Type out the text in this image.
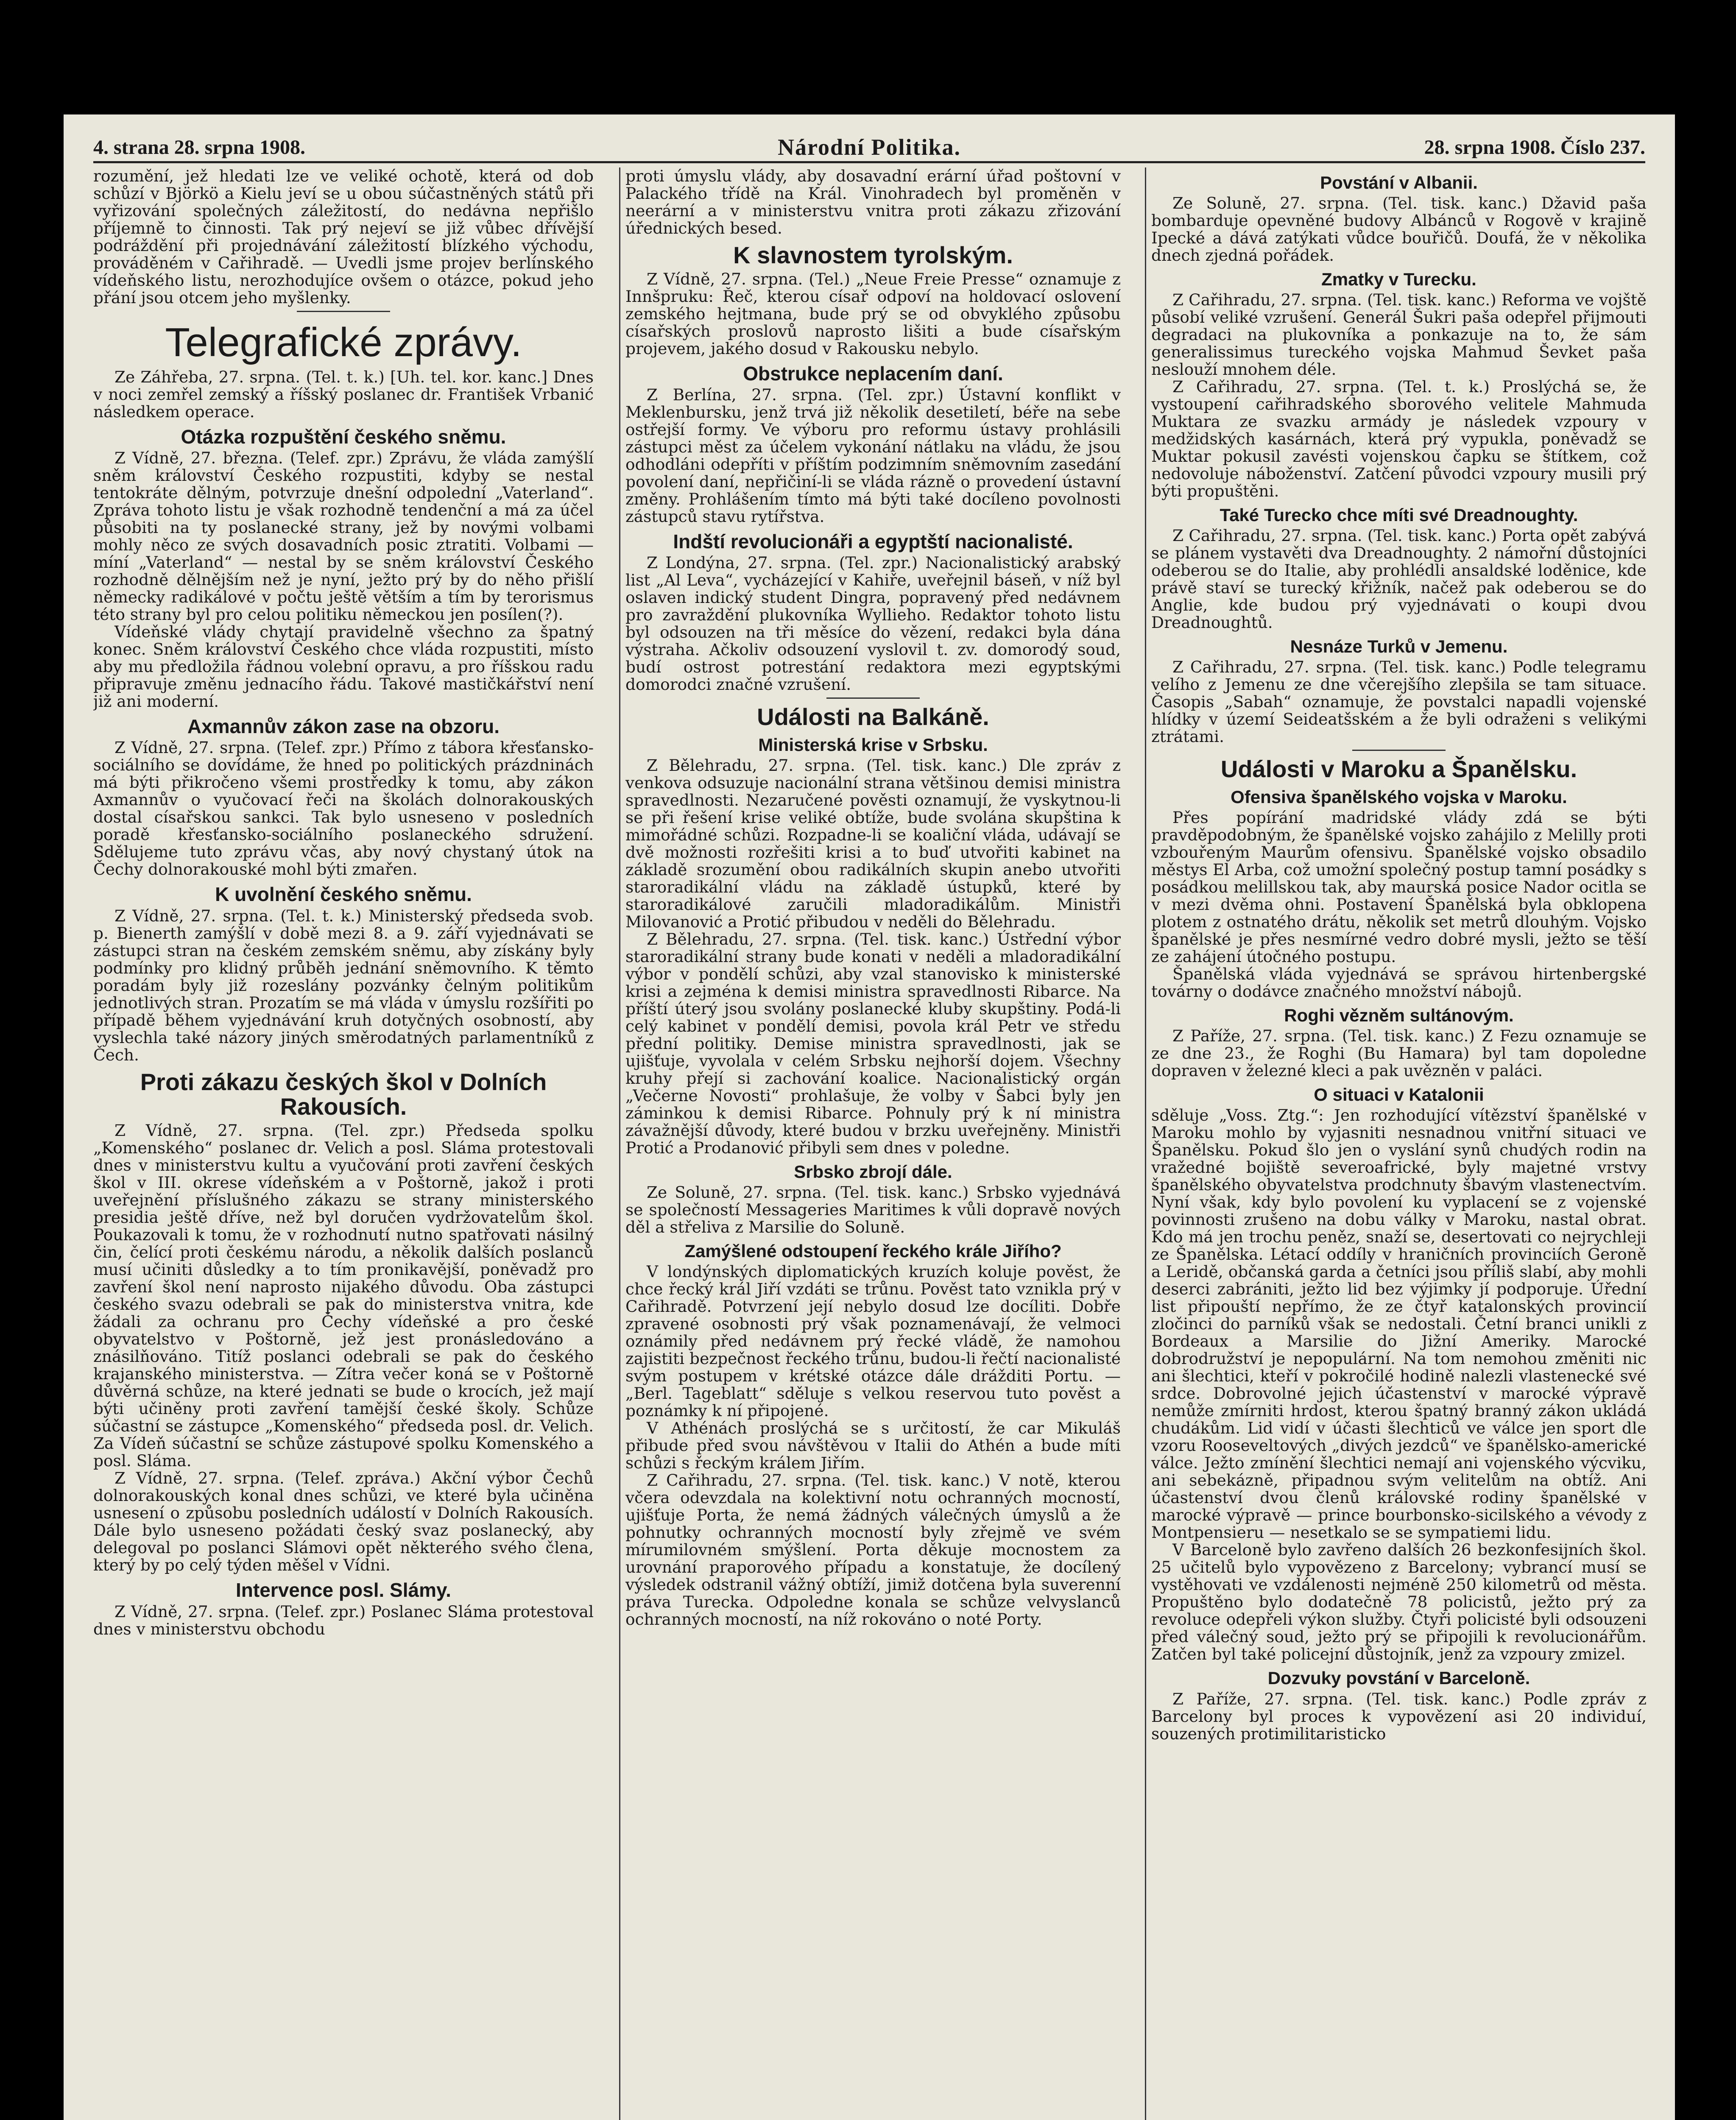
4. strana 28. srpna 1908.	Národní Politika.	28. srpna 1908. Číslo 237.

rozumění, jež hledati lze ve veliké ochotě, která od dob schůzí v Björkö a Kielu jeví se u obou súčastněných států při vyřizování společných záležitostí, do nedávna nepřišlo příjemně to činnosti. Tak prý nejeví se již vůbec dřívější podráždění při projednávání záležitostí blízkého východu, prováděném v Cařihradě. — Uvedli jsme projev berlínského vídeňského listu, nerozhodujíce ovšem o otázce, pokud jeho přání jsou otcem jeho myšlenky.

Telegrafické zprávy.

Ze Záhřeba, 27. srpna. (Tel. t. k.) [Uh. tel. kor. kanc.] Dnes v noci zemřel zemský a říšský poslanec dr. František Vrbanić následkem operace.

Otázka rozpuštění českého sněmu.

Z Vídně, 27. března. (Telef. zpr.) Zprávu, že vláda zamýšlí sněm království Českého rozpustiti, kdyby se nestal tentokráte dělným, potvrzuje dnešní odpolední „Vaterland“. Zpráva tohoto listu je však rozhodně tendenční a má za účel působiti na ty poslanecké strany, jež by novými volbami mohly něco ze svých dosavadních posic ztratiti. Volbami — míní „Vaterland“ — nestal by se sněm království Českého rozhodně dělnějším než je nyní, ježto prý by do něho přišlí německy radikálové v počtu ještě větším a tím by terorismus této strany byl pro celou politiku německou jen posílen(?).

Vídeňské vlády chytají pravidelně všechno za špatný konec. Sněm království Českého chce vláda rozpustiti, místo aby mu předložila řádnou volební opravu, a pro říšskou radu připravuje změnu jednacího řádu. Takové mastičkářství není již ani moderní.

Axmannův zákon zase na obzoru.

Z Vídně, 27. srpna. (Telef. zpr.) Přímo z tábora křesťansko-sociálního se dovídáme, že hned po politických prázdninách má býti přikročeno všemi prostředky k tomu, aby zákon Axmannův o vyučovací řeči na školách dolnorakouských dostal císařskou sankci. Tak bylo usneseno v posledních poradě křesťansko-sociálního poslaneckého sdružení. Sdělujeme tuto zprávu včas, aby nový chystaný útok na Čechy dolnorakouské mohl býti zmařen.

K uvolnění českého sněmu.

Z Vídně, 27. srpna. (Tel. t. k.) Ministerský předseda svob. p. Bienerth zamýšlí v době mezi 8. a 9. září vyjednávati se zástupci stran na českém zemském sněmu, aby získány byly podmínky pro klidný průběh jednání sněmovního. K těmto poradám byly již rozeslány pozvánky čelným politikům jednotlivých stran. Prozatím se má vláda v úmyslu rozšířiti po případě během vyjednávání kruh dotyčných osobností, aby vyslechla také názory jiných směrodatných parlamentníků z Čech.

Proti zákazu českých škol v Dolních Rakousích.

Z Vídně, 27. srpna. (Tel. zpr.) Předseda spolku „Komenského“ poslanec dr. Velich a posl. Sláma protestovali dnes v ministerstvu kultu a vyučování proti zavření českých škol v III. okrese vídeňském a v Poštorně, jakož i proti uveřejnění příslušného zákazu se strany ministerského presidia ještě dříve, než byl doručen vydržovatelům škol. Poukazovali k tomu, že v rozhodnutí nutno spatřovati násilný čin, čelící proti českému národu, a několik dalších poslanců musí učiniti důsledky a to tím pronikavější, poněvadž pro zavření škol není naprosto nijakého důvodu. Oba zástupci českého svazu odebrali se pak do ministerstva vnitra, kde žádali za ochranu pro Čechy vídeňské a pro české obyvatelstvo v Poštorně, jež jest pronásledováno a znásilňováno. Titíž poslanci odebrali se pak do českého krajanského ministerstva. — Zítra večer koná se v Poštorně důvěrná schůze, na které jednati se bude o krocích, jež mají býti učiněny proti zavření tamější české školy. Schůze súčastní se zástupce „Komenského“ předseda posl. dr. Velich. Za Vídeň súčastní se schůze zástupové spolku Komenského a posl. Sláma.

Z Vídně, 27. srpna. (Telef. zpráva.) Akční výbor Čechů dolnorakouských konal dnes schůzi, ve které byla učiněna usnesení o způsobu posledních událostí v Dolních Rakousích. Dále bylo usneseno požádati český svaz poslanecký, aby delegoval po poslanci Slámovi opět některého svého člena, který by po celý týden měšel v Vídni.

Intervence posl. Slámy.

Z Vídně, 27. srpna. (Telef. zpr.) Poslanec Sláma protestoval dnes v ministerstvu obchodu

proti úmyslu vlády, aby dosavadní erární úřad poštovní v Palackého třídě na Král. Vinohradech byl proměněn v neerární a v ministerstvu vnitra proti zákazu zřizování úřednických besed.

K slavnostem tyrolským.

Z Vídně, 27. srpna. (Tel.) „Neue Freie Presse“ oznamuje z Innšpruku: Řeč, kterou císař odpoví na holdovací oslovení zemského hejtmana, bude prý se od obvyklého způsobu císařských proslovů naprosto lišiti a bude císařským projevem, jakého dosud v Rakousku nebylo.

Obstrukce neplacením daní.

Z Berlína, 27. srpna. (Tel. zpr.) Ústavní konflikt v Meklenbursku, jenž trvá již několik desetiletí, béře na sebe ostřejší formy. Ve výboru pro reformu ústavy prohlásili zástupci měst za účelem vykonání nátlaku na vládu, že jsou odhodláni odepříti v příštím podzimním sněmovním zasedání povolení daní, nepřičiní-li se vláda rázně o provedení ústavní změny. Prohlášením tímto má býti také docíleno povolnosti zástupců stavu rytířstva.

Indští revolucionáři a egyptští nacionalisté.

Z Londýna, 27. srpna. (Tel. zpr.) Nacionalistický arabský list „Al Leva“, vycházející v Kahiře, uveřejnil báseň, v níž byl oslaven indický student Dingra, popravený před nedávnem pro zavraždění plukovníka Wyllieho. Redaktor tohoto listu byl odsouzen na tři měsíce do vězení, redakci byla dána výstraha. Ačkoliv odsouzení vyslovil t. zv. domorodý soud, budí ostrost potrestání redaktora mezi egyptskými domorodci značné vzrušení.

Události na Balkáně.
Ministerská krise v Srbsku.

Z Bělehradu, 27. srpna. (Tel. tisk. kanc.) Dle zpráv z venkova odsuzuje nacionální strana většinou demisi ministra spravedlnosti. Nezaručené pověsti oznamují, že vyskytnou-li se při řešení krise veliké obtíže, bude svolána skupština k mimořádné schůzi. Rozpadne-li se koaliční vláda, udávají se dvě možnosti rozřešiti krisi a to buď utvořiti kabinet na základě srozumění obou radikálních skupin anebo utvořiti staroradikální vládu na základě ústupků, které by staroradikálové zaručili mladoradikálům. Ministři Milovanović a Protić přibudou v neděli do Bělehradu.

Z Bělehradu, 27. srpna. (Tel. tisk. kanc.) Ústřední výbor staroradikální strany bude konati v neděli a mladoradikální výbor v pondělí schůzi, aby vzal stanovisko k ministerské krisi a zejména k demisi ministra spravedlnosti Ribarce. Na příští úterý jsou svolány poslanecké kluby skupštiny. Podá-li celý kabinet v pondělí demisi, povola král Petr ve středu přední politiky. Demise ministra spravedlnosti, jak se ujišťuje, vyvolala v celém Srbsku nejhorší dojem. Všechny kruhy přejí si zachování koalice. Nacionalistický orgán „Večerne Novosti“ prohlašuje, že volby v Šabci byly jen záminkou k demisi Ribarce. Pohnuly prý k ní ministra závažnější důvody, které budou v brzku uveřejněny. Ministři Protić a Prodanović přibyli sem dnes v poledne.

Srbsko zbrojí dále.

Ze Soluně, 27. srpna. (Tel. tisk. kanc.) Srbsko vyjednává se společností Messageries Maritimes k vůli dopravě nových děl a střeliva z Marsilie do Soluně.

Zamýšlené odstoupení řeckého krále Jiřího?

V londýnských diplomatických kruzích koluje pověst, že chce řecký král Jiří vzdáti se trůnu. Pověst tato vznikla prý v Cařihradě. Potvrzení její nebylo dosud lze docíliti. Dobře zpravené osobnosti prý však poznamenávají, že velmoci oznámily před nedávnem prý řecké vládě, že namohou zajistiti bezpečnost řeckého trůnu, budou-li řečtí nacionalisté svým postupem v krétské otázce dále drážditi Portu. — „Berl. Tageblatt“ sděluje s velkou reservou tuto pověst a poznámky k ní připojené.

V Athénách proslýchá se s určitostí, že car Mikuláš přibude před svou návštěvou v Italii do Athén a bude míti schůzi s řeckým králem Jiřím.

Z Cařihradu, 27. srpna. (Tel. tisk. kanc.) V notě, kterou včera odevzdala na kolektivní notu ochranných mocností, ujišťuje Porta, že nemá žádných válečných úmyslů a že pohnutky ochranných mocností byly zřejmě ve svém mírumilovném smýšlení. Porta děkuje mocnostem za urovnání praporového případu a konstatuje, že docílený výsledek odstranil vážný obtíží, jimiž dotčena byla suverenní práva Turecka. Odpoledne konala se schůze velvyslanců ochranných mocností, na níž rokováno o noté Porty.

Povstání v Albanii.

Ze Soluně, 27. srpna. (Tel. tisk. kanc.) Džavid paša bombarduje opevněné budovy Albánců v Rogově v krajině Ipecké a dává zatýkati vůdce bouřičů. Doufá, že v několika dnech zjedná pořádek.

Zmatky v Turecku.

Z Cařihradu, 27. srpna. (Tel. tisk. kanc.) Reforma ve vojště působí veliké vzrušení. Generál Šukri paša odepřel přijmouti degradaci na plukovníka a ponkazuje na to, že sám generalissimus tureckého vojska Mahmud Ševket paša neslouží mnohem déle.

Z Cařihradu, 27. srpna. (Tel. t. k.) Proslýchá se, že vystoupení cařihradského sborového velitele Mahmuda Muktara ze svazku armády je následek vzpoury v medžidských kasárnách, která prý vypukla, poněvadž se Muktar pokusil zavésti vojenskou čapku se štítkem, což nedovoluje náboženství. Zatčení původci vzpoury musili prý býti propuštěni.

Také Turecko chce míti své Dreadnoughty.

Z Cařihradu, 27. srpna. (Tel. tisk. kanc.) Porta opět zabývá se plánem vystavěti dva Dreadnoughty. 2 námořní důstojníci odeberou se do Italie, aby prohlédli ansaldské loděnice, kde právě staví se turecký křižník, načež pak odeberou se do Anglie, kde budou prý vyjednávati o koupi dvou Dreadnoughtů.

Nesnáze Turků v Jemenu.

Z Cařihradu, 27. srpna. (Tel. tisk. kanc.) Podle telegramu velího z Jemenu ze dne včerejšího zlepšila se tam situace. Časopis „Sabah“ oznamuje, že povstalci napadli vojenské hlídky v území Seideatšském a že byli odraženi s velikými ztrátami.

Události v Maroku a Španělsku.
Ofensiva španělského vojska v Maroku.

Přes popírání madridské vlády zdá se býti pravděpodobným, že španělské vojsko zahájilo z Melilly proti vzbouřeným Maurům ofensivu. Španělské vojsko obsadilo městys El Arba, což umožní společný postup tamní posádky s posádkou melillskou tak, aby maurská posice Nador ocitla se v mezi dvěma ohni. Postavení Španělská byla obklopena plotem z ostnatého drátu, několik set metrů dlouhým. Vojsko španělské je přes nesmírné vedro dobré mysli, ježto se těší ze zahájení útočného postupu.

Španělská vláda vyjednává se správou hirtenbergské továrny o dodávce značného množství nábojů.

Roghi vězněm sultánovým.

Z Paříže, 27. srpna. (Tel. tisk. kanc.) Z Fezu oznamuje se ze dne 23., že Roghi (Bu Hamara) byl tam dopoledne dopraven v železné kleci a pak uvězněn v paláci.

O situaci v Katalonii

sděluje „Voss. Ztg.“: Jen rozhodující vítězství španělské v Maroku mohlo by vyjasniti nesnadnou vnitřní situaci ve Španělsku. Pokud šlo jen o vyslání synů chudých rodin na vražedné bojiště severoafrické, byly majetné vrstvy španělského obyvatelstva prodchnuty šbavým vlastenectvím. Nyní však, kdy bylo povolení ku vyplacení se z vojenské povinnosti zrušeno na dobu války v Maroku, nastal obrat. Kdo má jen trochu peněz, snaží se, desertovati co nejrychleji ze Španělska. Létací oddíly v hraničních provinciích Geroně a Leridě, občanská garda a četníci jsou příliš slabí, aby mohli deserci zabrániti, ježto lid bez výjimky jí podporuje. Úřední list připouští nepřímo, že ze čtyř katalonských provincií zločinci do parníků však se nedostali. Četní branci unikli z Bordeaux a Marsilie do Jižní Ameriky. Marocké dobrodružství je nepopulární. Na tom nemohou změniti nic ani šlechtici, kteří v pokročilé hodině nalezli vlastenecké své srdce. Dobrovolné jejich účastenství v marocké výpravě nemůže zmírniti hrdost, kterou špatný branný zákon ukládá chudákům. Lid vidí v účasti šlechticů ve válce jen sport dle vzoru Rooseveltových „divých jezdců“ ve španělsko-americké válce. Ježto zmínění šlechtici nemají ani vojenského výcviku, ani sebekázně, připadnou svým velitelům na obtíž. Ani účastenství dvou členů královské rodiny španělské v marocké výpravě — prince bourbonsko-sicilského a vévody z Montpensieru — nesetkalo se se sympatiemi lidu.

V Barceloně bylo zavřeno dalších 26 bezkonfesijních škol. 25 učitelů bylo vypovězeno z Barcelony; vybrancí musí se vystěhovati ve vzdálenosti nejméně 250 kilometrů od města. Propuštěno bylo dodatečně 78 policistů, ježto prý za revoluce odepřeli výkon služby. Čtyři policisté byli odsouzeni před válečný soud, ježto prý se připojili k revolucionářům. Zatčen byl také policejní důstojník, jenž za vzpoury zmizel.

Dozvuky povstání v Barceloně.

Z Paříže, 27. srpna. (Tel. tisk. kanc.) Podle zpráv z Barcelony byl proces k vypovězení asi 20 individuí, souzených protimilitaristicko
